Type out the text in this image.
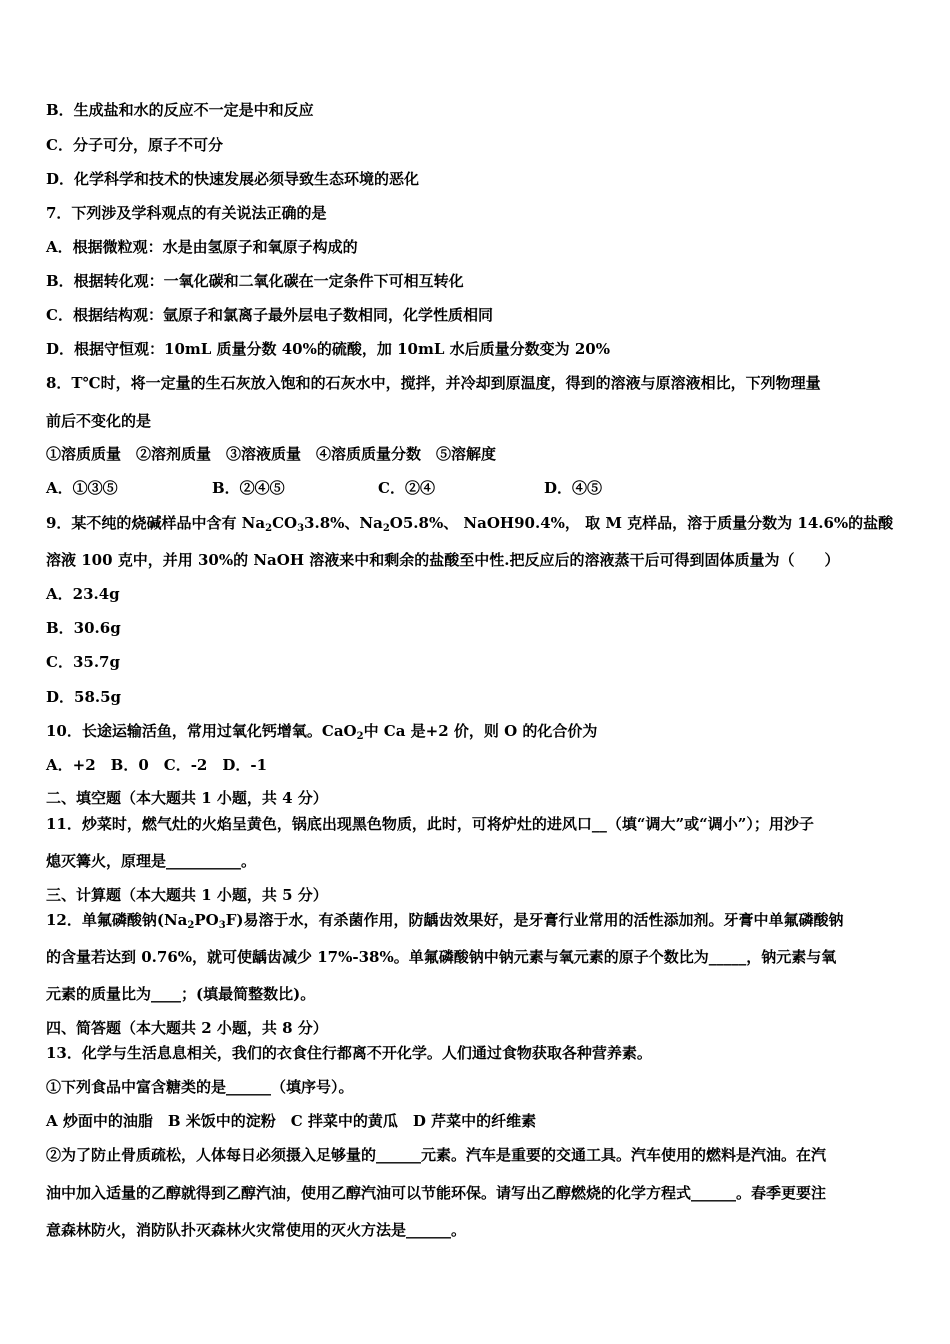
B．生成盐和水的反应不一定是中和反应
C．分子可分，原子不可分
D．化学科学和技术的快速发展必须导致生态环境的恶化
7．下列涉及学科观点的有关说法正确的是
A．根据微粒观：水是由氢原子和氧原子构成的
B．根据转化观：一氧化碳和二氧化碳在一定条件下可相互转化
C．根据结构观：氩原子和氯离子最外层电子数相同，化学性质相同
D．根据守恒观：10mL 质量分数 40%的硫酸，加 10mL 水后质量分数变为 20%
8．T℃时，将一定量的生石灰放入饱和的石灰水中，搅拌，并冷却到原温度，得到的溶液与原溶液相比，下列物理量
前后不变化的是
①溶质质量　②溶剂质量　③溶液质量　④溶质质量分数　⑤溶解度
A．①③⑤	B．②④⑤	C．②④	D．④⑤
9．某不纯的烧碱样品中含有 $Na_2CO_33.8\%$、$Na_2O5.8\%$、 NaOH90.4%， 取 M 克样品，溶于质量分数为 14.6%的盐酸
溶液 100 克中，并用 30%的 NaOH 溶液来中和剩余的盐酸至中性.把反应后的溶液蒸干后可得到固体质量为（　　）
A．23.4g
B．30.6g
C．35.7g
D．58.5g
10．长途运输活鱼，常用过氧化钙增氧。CaO$_2$中 Ca 是+2 价，则 O 的化合价为
A．+2　B．0　C．-2　D．-1
二、填空题（本大题共 1 小题，共 4 分）
11．炒菜时，燃气灶的火焰呈黄色，锅底出现黑色物质，此时，可将炉灶的进风口__（填“调大”或“调小”）；用沙子
熄灭篝火，原理是__________。
三、计算题（本大题共 1 小题，共 5 分）
12．单氟磷酸钠$(Na_2PO_3F)$易溶于水，有杀菌作用，防龋齿效果好，是牙膏行业常用的活性添加剂。牙膏中单氟磷酸钠
的含量若达到 0.76%，就可使龋齿减少 17%-38%。单氟磷酸钠中钠元素与氧元素的原子个数比为_____，钠元素与氧
元素的质量比为____；(填最简整数比)。
四、简答题（本大题共 2 小题，共 8 分）
13．化学与生活息息相关，我们的衣食住行都离不开化学。人们通过食物获取各种营养素。
①下列食品中富含糖类的是______（填序号）。
A 炒面中的油脂　B 米饭中的淀粉　C 拌菜中的黄瓜　D 芹菜中的纤维素
②为了防止骨质疏松，人体每日必须摄入足够量的______元素。汽车是重要的交通工具。汽车使用的燃料是汽油。在汽
油中加入适量的乙醇就得到乙醇汽油，使用乙醇汽油可以节能环保。请写出乙醇燃烧的化学方程式______。春季更要注
意森林防火，消防队扑灭森林火灾常使用的灭火方法是______。
